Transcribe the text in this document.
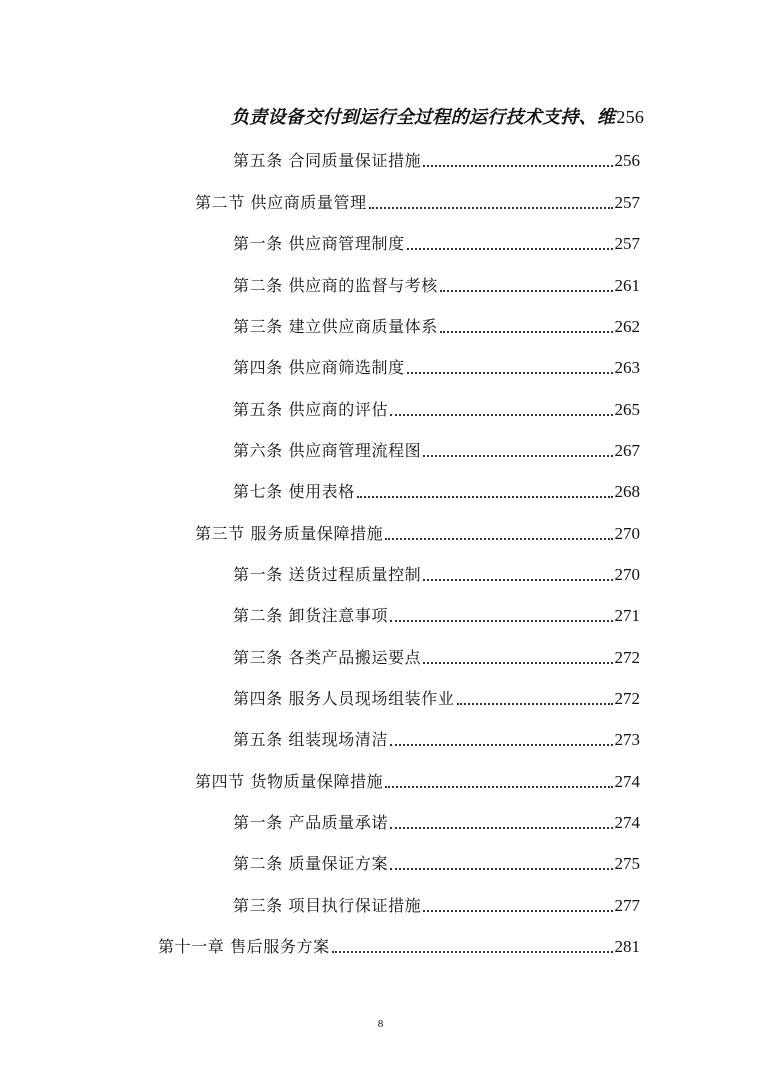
负责设备交付到运行全过程的运行技术支持、维 256
第五条 合同质量保证措施	256
第二节 供应商质量管理	257
第一条 供应商管理制度	257
第二条 供应商的监督与考核	261
第三条 建立供应商质量体系	262
第四条 供应商筛选制度	263
第五条 供应商的评估	265
第六条 供应商管理流程图	267
第七条 使用表格	268
第三节 服务质量保障措施	270
第一条 送货过程质量控制	270
第二条 卸货注意事项	271
第三条 各类产品搬运要点	272
第四条 服务人员现场组装作业	272
第五条 组装现场清洁	273
第四节 货物质量保障措施	274
第一条 产品质量承诺	274
第二条 质量保证方案	275
第三条 项目执行保证措施	277
第十一章 售后服务方案	281
8
